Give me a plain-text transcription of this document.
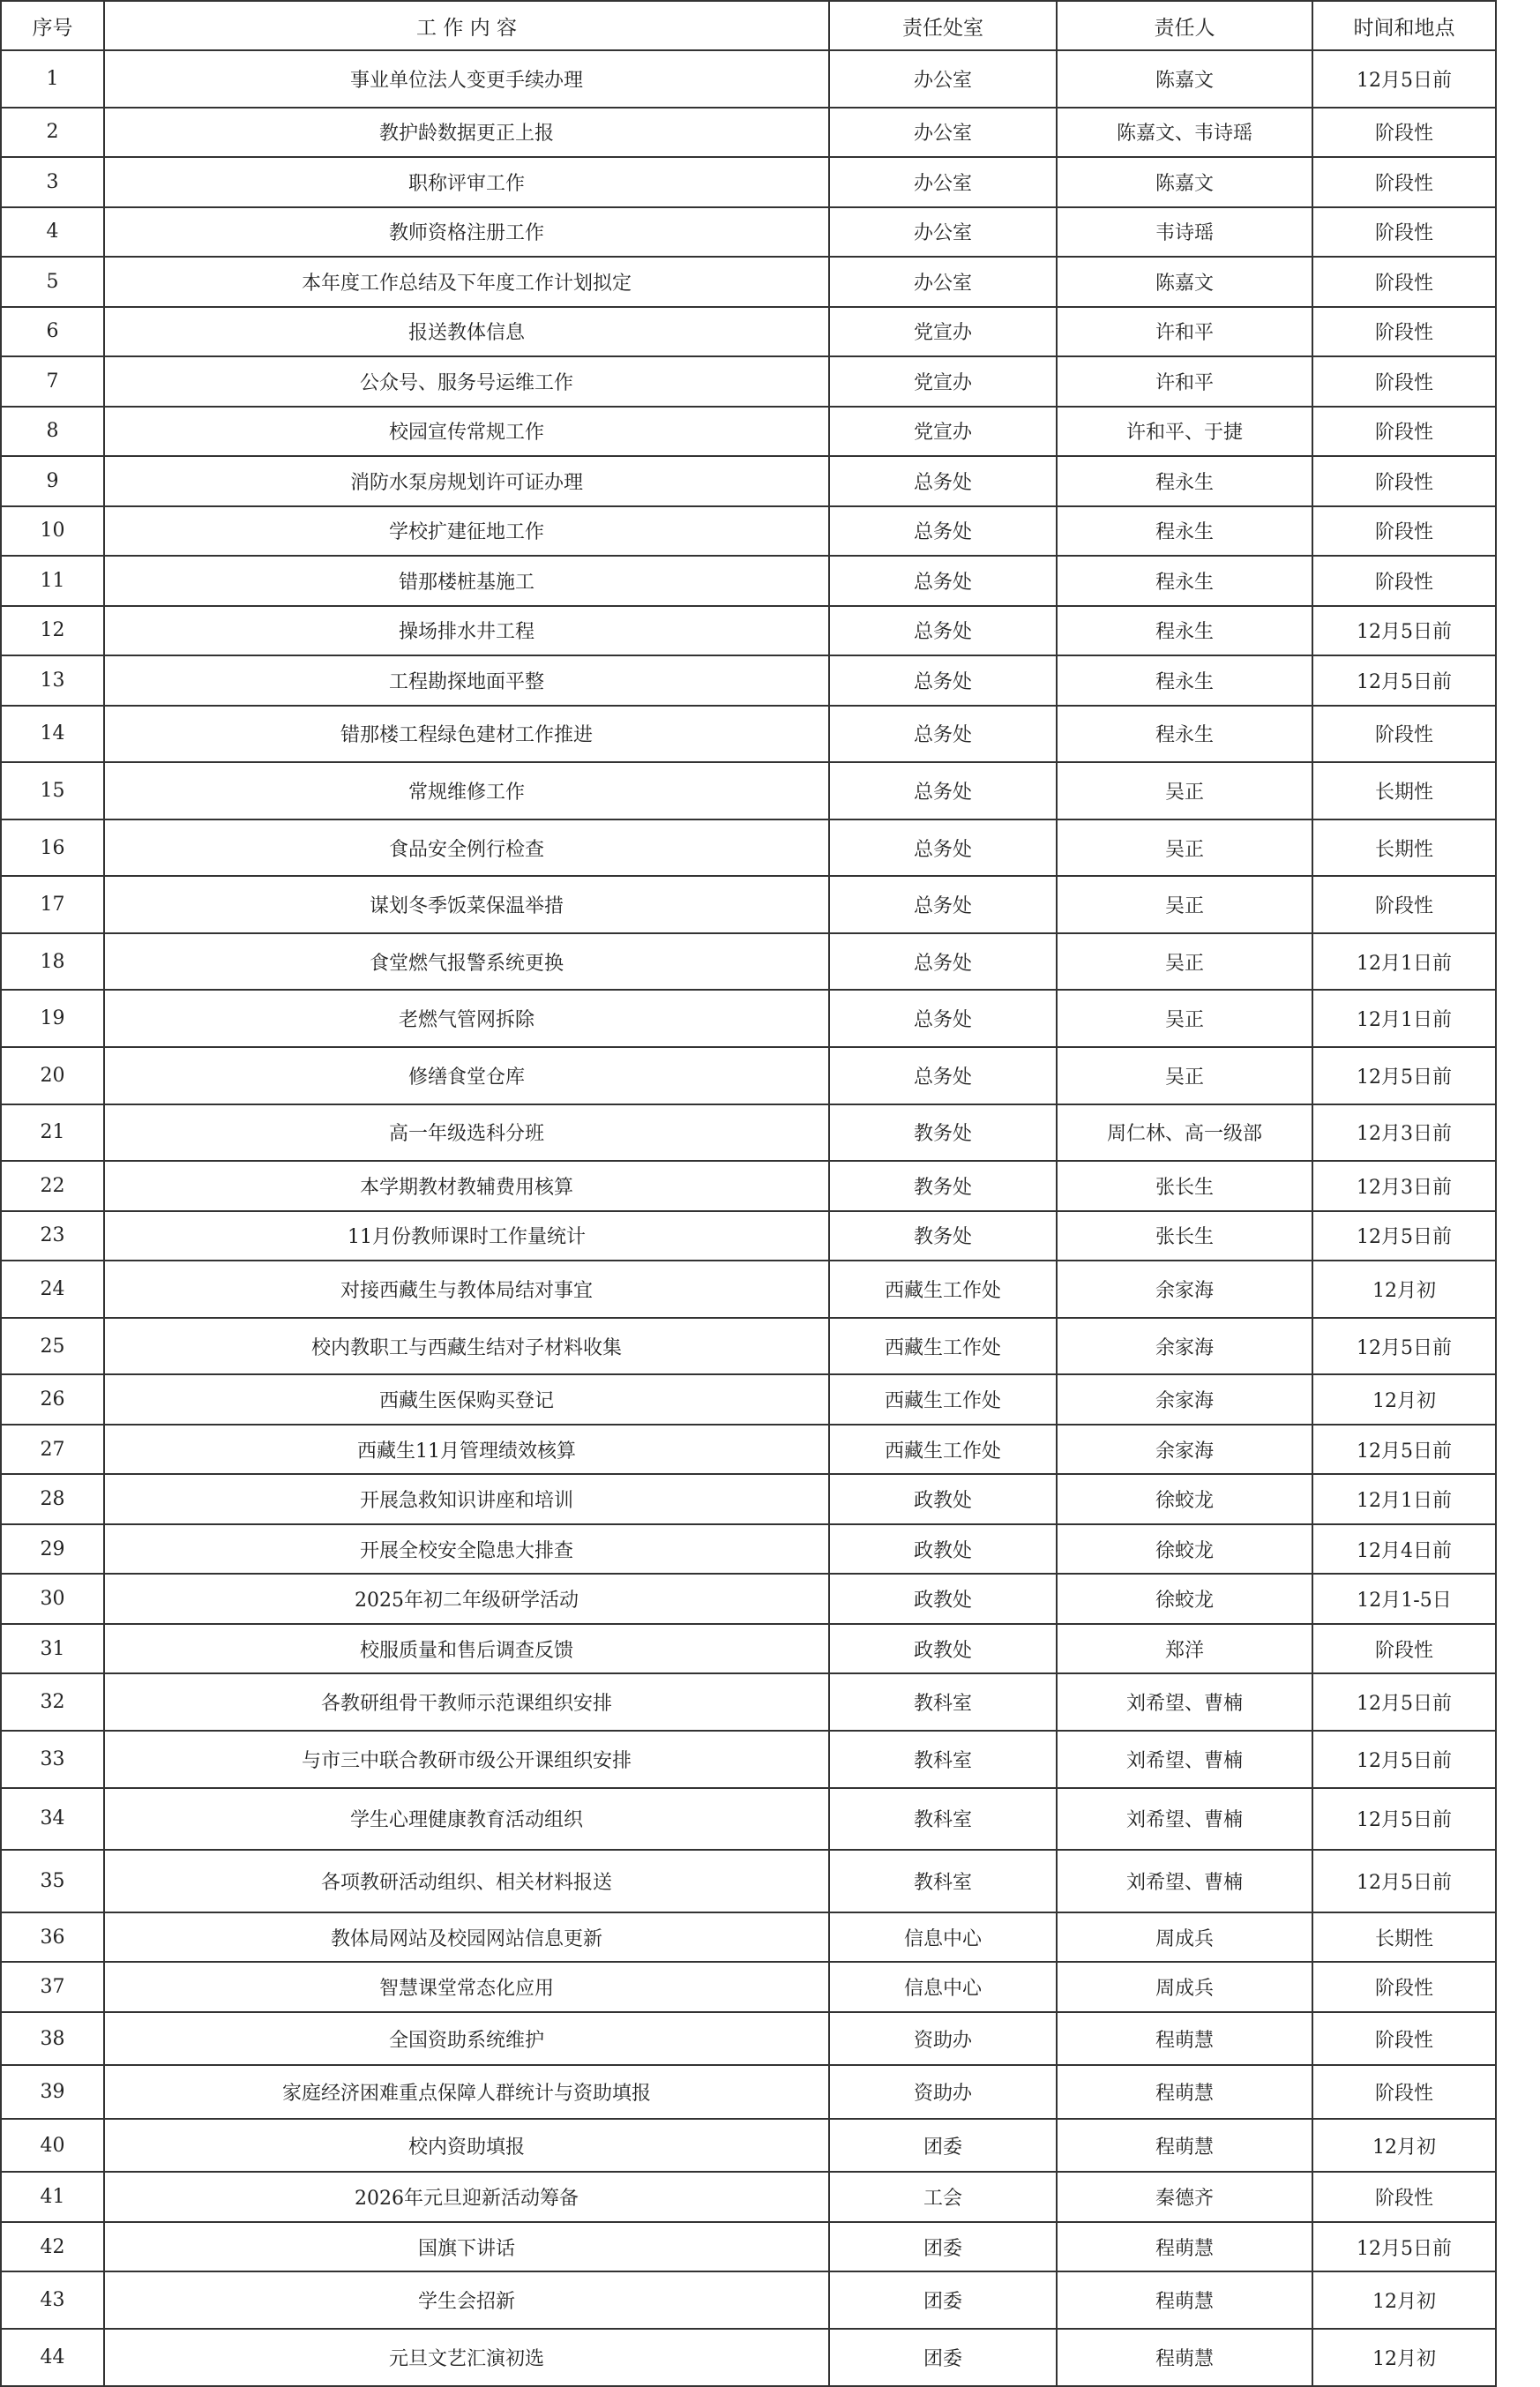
序号	工 作 内 容	责任处室	责任人	时间和地点
1	事业单位法人变更手续办理	办公室	陈嘉文	12月5日前
2	教护龄数据更正上报	办公室	陈嘉文、韦诗瑶	阶段性
3	职称评审工作	办公室	陈嘉文	阶段性
4	教师资格注册工作	办公室	韦诗瑶	阶段性
5	本年度工作总结及下年度工作计划拟定	办公室	陈嘉文	阶段性
6	报送教体信息	党宣办	许和平	阶段性
7	公众号、服务号运维工作	党宣办	许和平	阶段性
8	校园宣传常规工作	党宣办	许和平、于捷	阶段性
9	消防水泵房规划许可证办理	总务处	程永生	阶段性
10	学校扩建征地工作	总务处	程永生	阶段性
11	错那楼桩基施工	总务处	程永生	阶段性
12	操场排水井工程	总务处	程永生	12月5日前
13	工程勘探地面平整	总务处	程永生	12月5日前
14	错那楼工程绿色建材工作推进	总务处	程永生	阶段性
15	常规维修工作	总务处	吴正	长期性
16	食品安全例行检查	总务处	吴正	长期性
17	谋划冬季饭菜保温举措	总务处	吴正	阶段性
18	食堂燃气报警系统更换	总务处	吴正	12月1日前
19	老燃气管网拆除	总务处	吴正	12月1日前
20	修缮食堂仓库	总务处	吴正	12月5日前
21	高一年级选科分班	教务处	周仁林、高一级部	12月3日前
22	本学期教材教辅费用核算	教务处	张长生	12月3日前
23	11月份教师课时工作量统计	教务处	张长生	12月5日前
24	对接西藏生与教体局结对事宜	西藏生工作处	余家海	12月初
25	校内教职工与西藏生结对子材料收集	西藏生工作处	余家海	12月5日前
26	西藏生医保购买登记	西藏生工作处	余家海	12月初
27	西藏生11月管理绩效核算	西藏生工作处	余家海	12月5日前
28	开展急救知识讲座和培训	政教处	徐蛟龙	12月1日前
29	开展全校安全隐患大排查	政教处	徐蛟龙	12月4日前
30	2025年初二年级研学活动	政教处	徐蛟龙	12月1-5日
31	校服质量和售后调查反馈	政教处	郑洋	阶段性
32	各教研组骨干教师示范课组织安排	教科室	刘希望、曹楠	12月5日前
33	与市三中联合教研市级公开课组织安排	教科室	刘希望、曹楠	12月5日前
34	学生心理健康教育活动组织	教科室	刘希望、曹楠	12月5日前
35	各项教研活动组织、相关材料报送	教科室	刘希望、曹楠	12月5日前
36	教体局网站及校园网站信息更新	信息中心	周成兵	长期性
37	智慧课堂常态化应用	信息中心	周成兵	阶段性
38	全国资助系统维护	资助办	程萌慧	阶段性
39	家庭经济困难重点保障人群统计与资助填报	资助办	程萌慧	阶段性
40	校内资助填报	团委	程萌慧	12月初
41	2026年元旦迎新活动筹备	工会	秦德齐	阶段性
42	国旗下讲话	团委	程萌慧	12月5日前
43	学生会招新	团委	程萌慧	12月初
44	元旦文艺汇演初选	团委	程萌慧	12月初
